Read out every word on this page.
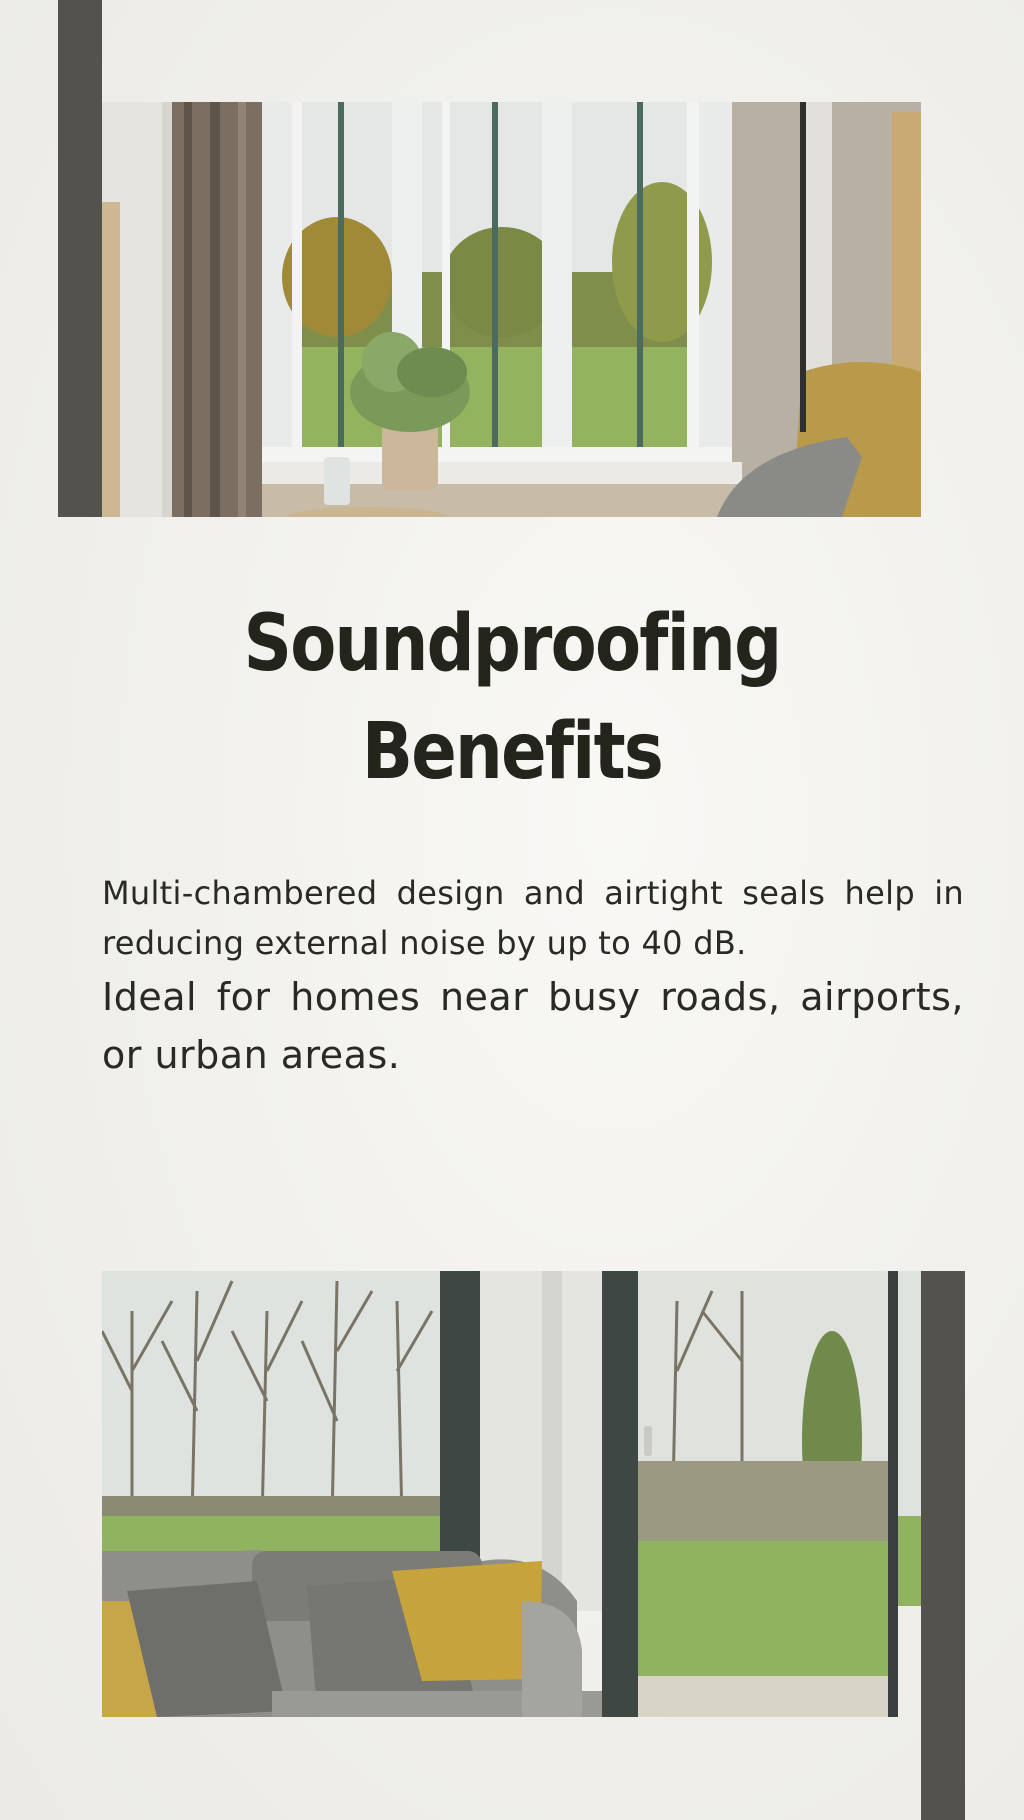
Soundproofing Benefits

Multi-chambered design and airtight seals help in reducing external noise by up to 40 dB.

Ideal for homes near busy roads, airports, or urban areas.
